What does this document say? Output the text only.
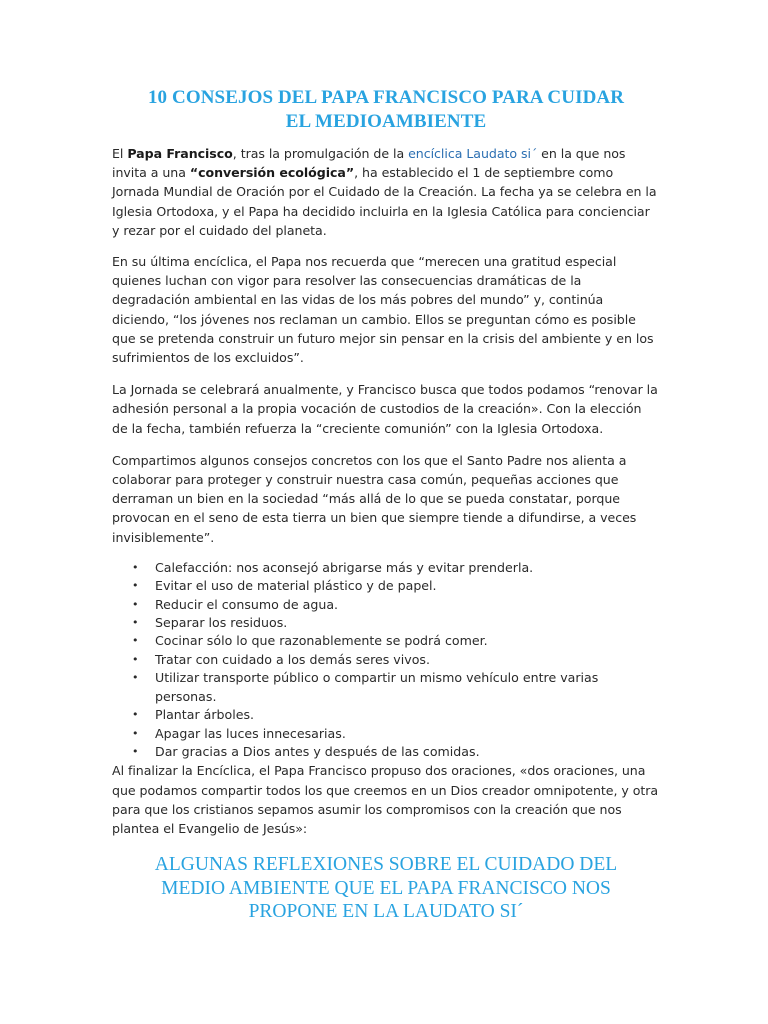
10 CONSEJOS DEL PAPA FRANCISCO PARA CUIDAR
EL MEDIOAMBIENTE

El Papa Francisco, tras la promulgación de la encíclica Laudato si´ en la que nos invita a una “conversión ecológica”, ha establecido el 1 de septiembre como Jornada Mundial de Oración por el Cuidado de la Creación. La fecha ya se celebra en la Iglesia Ortodoxa, y el Papa ha decidido incluirla en la Iglesia Católica para concienciar y rezar por el cuidado del planeta.

En su última encíclica, el Papa nos recuerda que “merecen una gratitud especial quienes luchan con vigor para resolver las consecuencias dramáticas de la degradación ambiental en las vidas de los más pobres del mundo” y, continúa diciendo, “los jóvenes nos reclaman un cambio. Ellos se preguntan cómo es posible que se pretenda construir un futuro mejor sin pensar en la crisis del ambiente y en los sufrimientos de los excluidos”.

La Jornada se celebrará anualmente, y Francisco busca que todos podamos “renovar la adhesión personal a la propia vocación de custodios de la creación». Con la elección de la fecha, también refuerza la “creciente comunión” con la Iglesia Ortodoxa.

Compartimos algunos consejos concretos con los que el Santo Padre nos alienta a colaborar para proteger y construir nuestra casa común, pequeñas acciones que derraman un bien en la sociedad “más allá de lo que se pueda constatar, porque provocan en el seno de esta tierra un bien que siempre tiende a difundirse, a veces invisiblemente”.

• Calefacción: nos aconsejó abrigarse más y evitar prenderla.
• Evitar el uso de material plástico y de papel.
• Reducir el consumo de agua.
• Separar los residuos.
• Cocinar sólo lo que razonablemente se podrá comer.
• Tratar con cuidado a los demás seres vivos.
• Utilizar transporte público o compartir un mismo vehículo entre varias personas.
• Plantar árboles.
• Apagar las luces innecesarias.
• Dar gracias a Dios antes y después de las comidas.

Al finalizar la Encíclica, el Papa Francisco propuso dos oraciones, «dos oraciones, una que podamos compartir todos los que creemos en un Dios creador omnipotente, y otra para que los cristianos sepamos asumir los compromisos con la creación que nos plantea el Evangelio de Jesús»:

ALGUNAS REFLEXIONES SOBRE EL CUIDADO DEL
MEDIO AMBIENTE QUE EL PAPA FRANCISCO NOS
PROPONE EN LA LAUDATO SI´
